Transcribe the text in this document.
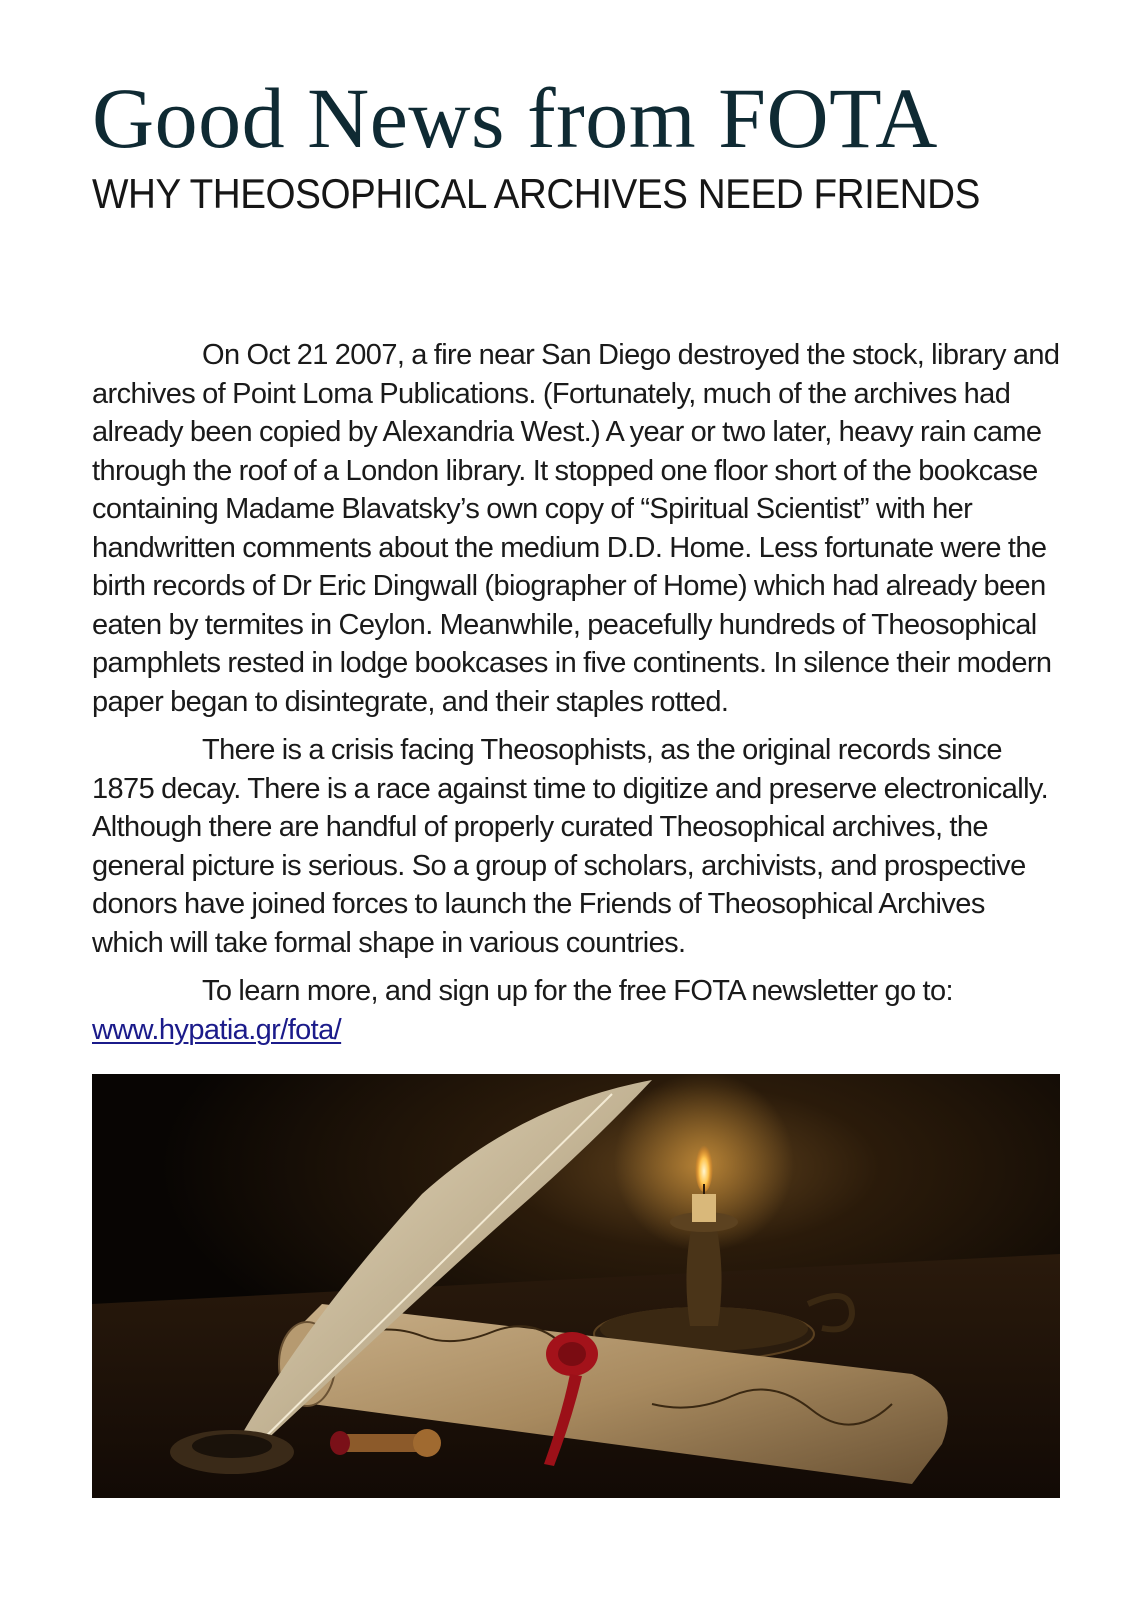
Good News from FOTA
WHY THEOSOPHICAL ARCHIVES NEED FRIENDS

On Oct 21 2007, a fire near San Diego destroyed the stock, library and archives of Point Loma Publications. (Fortunately, much of the archives had already been copied by Alexandria West.) A year or two later, heavy rain came through the roof of a London library. It stopped one floor short of the bookcase containing Madame Blavatsky’s own copy of “Spiritual Scientist” with her handwritten comments about the medium D.D. Home. Less fortunate were the birth records of Dr Eric Dingwall (biographer of Home) which had already been eaten by termites in Ceylon. Meanwhile, peacefully hundreds of Theosophical pamphlets rested in lodge bookcases in five continents. In silence their modern paper began to disintegrate, and their staples rotted.

There is a crisis facing Theosophists, as the original records since 1875 decay. There is a race against time to digitize and preserve electronically. Although there are handful of properly curated Theosophical archives, the general picture is serious. So a group of scholars, archivists, and prospective donors have joined forces to launch the Friends of Theosophical Archives which will take formal shape in various countries.

To learn more, and sign up for the free FOTA newsletter go to:
www.hypatia.gr/fota/
